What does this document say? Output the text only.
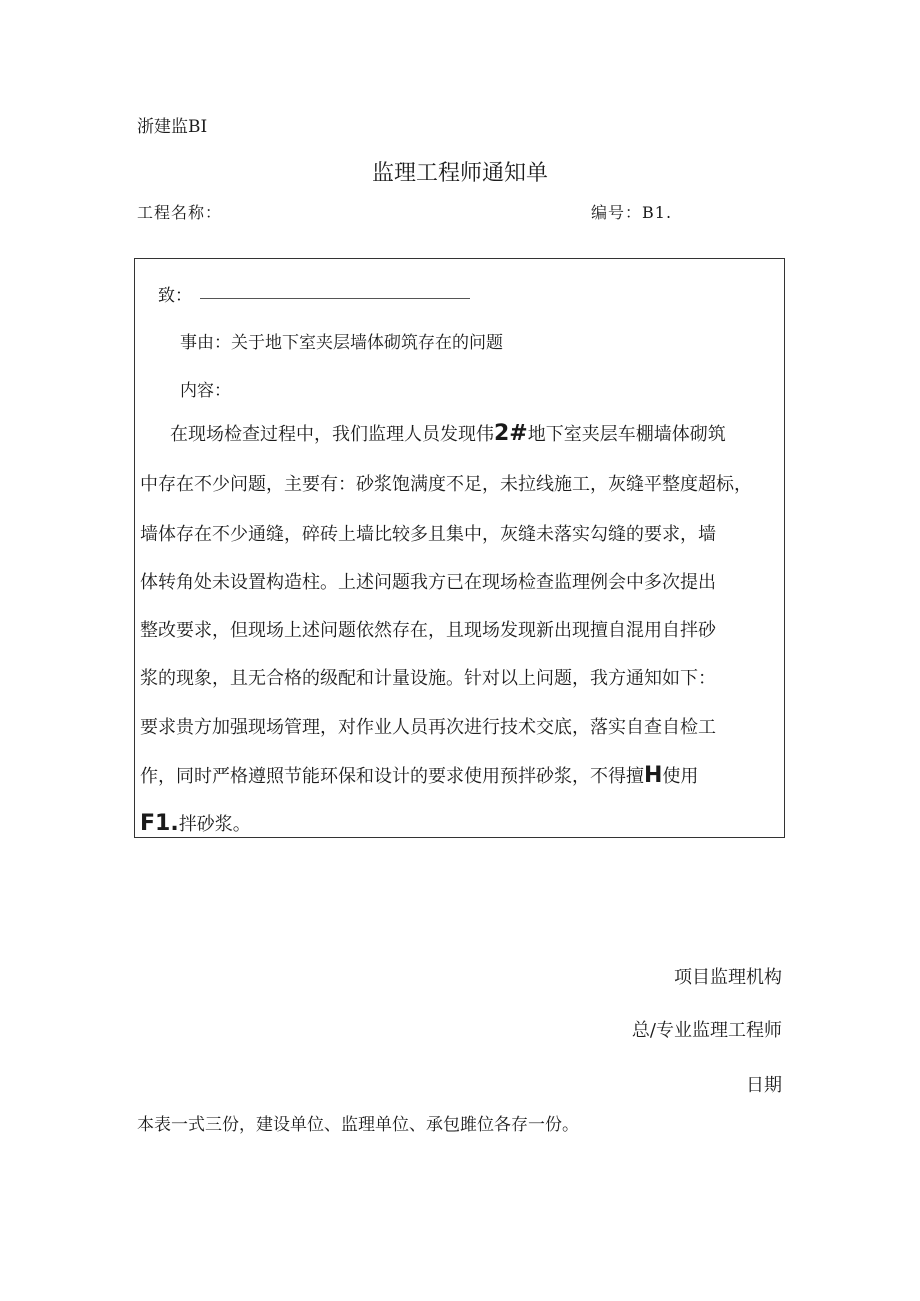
浙建监BI
监理工程师通知单
工程名称：	编号：B1.
致：
事由：关于地下室夹层墙体砌筑存在的问题
内容：
在现场检查过程中，我们监理人员发现伟2#地下室夹层车棚墙体砌筑
中存在不少问题，主要有：砂浆饱满度不足，未拉线施工，灰缝平整度超标，
墙体存在不少通缝，碎砖上墙比较多且集中，灰缝未落实勾缝的要求，墙
体转角处未设置构造柱。上述问题我方已在现场检查监理例会中多次提出
整改要求，但现场上述问题依然存在，且现场发现新出现擅自混用自拌砂
浆的现象，且无合格的级配和计量设施。针对以上问题，我方通知如下：
要求贵方加强现场管理，对作业人员再次进行技术交底，落实自查自检工
作，同时严格遵照节能环保和设计的要求使用预拌砂浆，不得擅H使用
F1.拌砂浆。
项目监理机构
总/专业监理工程师
日期
本表一式三份，建设单位、监理单位、承包雎位各存一份。
